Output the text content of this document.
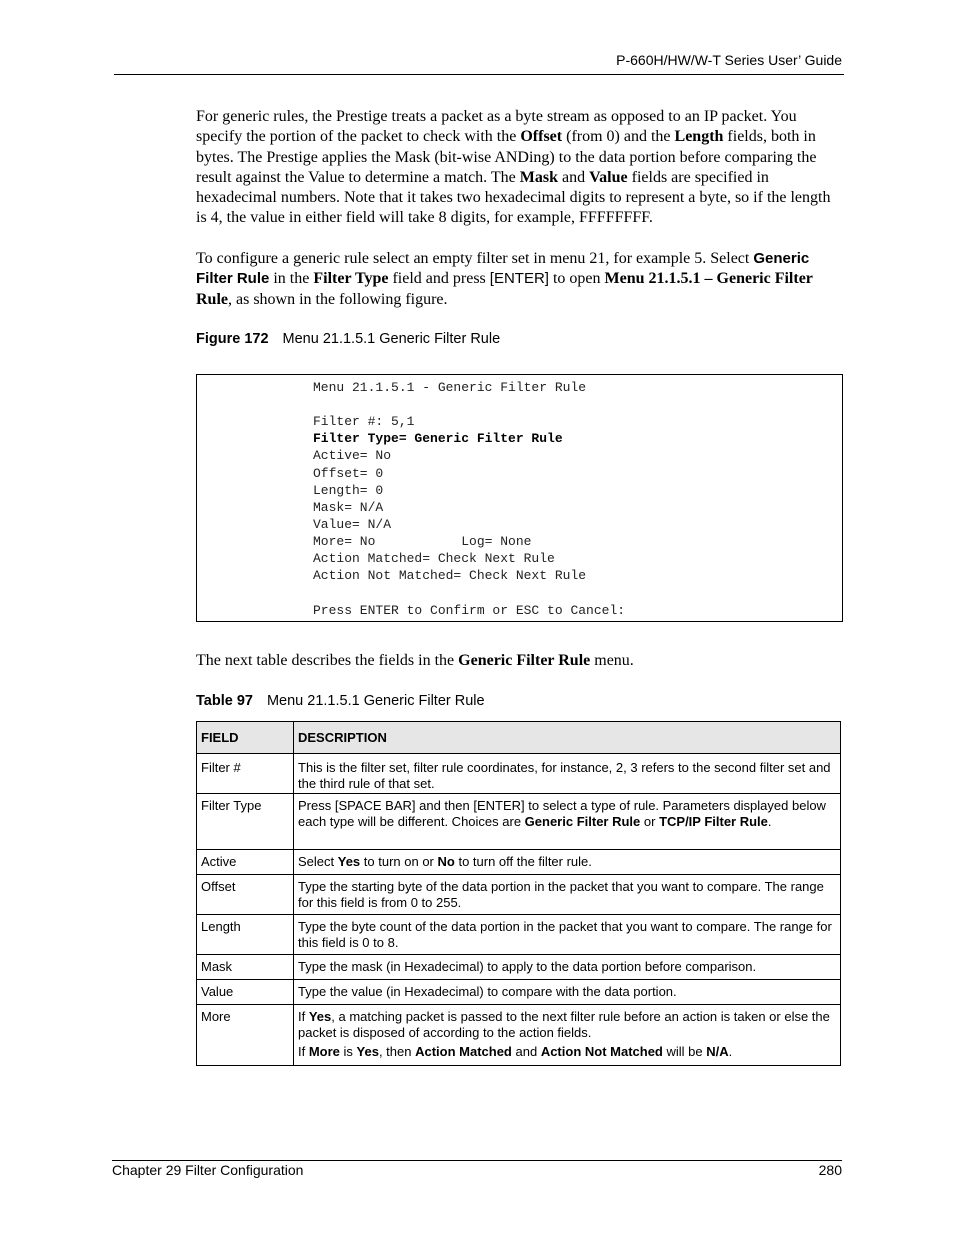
P-660H/HW/W-T Series User’ Guide
For generic rules, the Prestige treats a packet as a byte stream as opposed to an IP packet. You specify the portion of the packet to check with the Offset (from 0) and the Length fields, both in bytes. The Prestige applies the Mask (bit-wise ANDing) to the data portion before comparing the result against the Value to determine a match. The Mask and Value fields are specified in hexadecimal numbers. Note that it takes two hexadecimal digits to represent a byte, so if the length is 4, the value in either field will take 8 digits, for example, FFFFFFFF.
To configure a generic rule select an empty filter set in menu 21, for example 5. Select Generic Filter Rule in the Filter Type field and press [ENTER] to open Menu 21.1.5.1 – Generic Filter Rule, as shown in the following figure.
Figure 172 Menu 21.1.5.1 Generic Filter Rule
Menu 21.1.5.1 - Generic Filter Rule
Filter #: 5,1
Filter Type= Generic Filter Rule
Active= No
Offset= 0
Length= 0
Mask= N/A
Value= N/A
More= No           Log= None
Action Matched= Check Next Rule
Action Not Matched= Check Next Rule
Press ENTER to Confirm or ESC to Cancel:
The next table describes the fields in the Generic Filter Rule menu.
Table 97 Menu 21.1.5.1 Generic Filter Rule
FIELD	DESCRIPTION
Filter #	This is the filter set, filter rule coordinates, for instance, 2, 3 refers to the second filter set and the third rule of that set.
Filter Type	Press [SPACE BAR] and then [ENTER] to select a type of rule. Parameters displayed below each type will be different. Choices are Generic Filter Rule or TCP/IP Filter Rule.
Active	Select Yes to turn on or No to turn off the filter rule.
Offset	Type the starting byte of the data portion in the packet that you want to compare. The range for this field is from 0 to 255.
Length	Type the byte count of the data portion in the packet that you want to compare. The range for this field is 0 to 8.
Mask	Type the mask (in Hexadecimal) to apply to the data portion before comparison.
Value	Type the value (in Hexadecimal) to compare with the data portion.
More	If Yes, a matching packet is passed to the next filter rule before an action is taken or else the packet is disposed of according to the action fields.

If More is Yes, then Action Matched and Action Not Matched will be N/A.

Chapter 29 Filter Configuration	280
